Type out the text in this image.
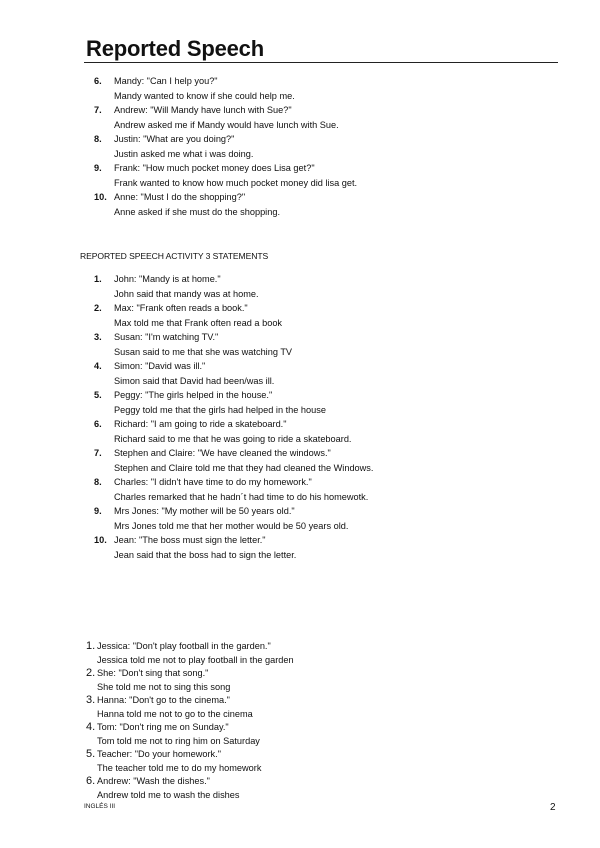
Reported Speech
6.	Mandy: "Can I help you?"
Mandy wanted to know if she could help me.
7.	Andrew: "Will Mandy have lunch with Sue?"
Andrew asked me if Mandy would have lunch with Sue.
8.	Justin: "What are you doing?"
Justin asked me what i was doing.
9.	Frank: "How much pocket money does Lisa get?"
Frank wanted to know how much pocket money did lisa get.
10. Anne: "Must I do the shopping?"
Anne asked if she must do the shopping.
REPORTED SPEECH ACTIVITY 3 STATEMENTS
1.	John: "Mandy is at home."
John said that mandy was at home.
2.	Max: "Frank often reads a book."
Max told me that Frank often read a book
3.	Susan: "I'm watching TV."
Susan said to me that she was watching TV
4.	Simon: "David was ill."
Simon said that David had been/was ill.
5.	Peggy: "The girls helped in the house."
Peggy told me that the girls had helped in the house
6.	Richard: "I am going to ride a skateboard."
Richard said to me that he was going to ride a skateboard.
7.	Stephen and Claire: "We have cleaned the windows."
Stephen and Claire told me that they had cleaned the Windows.
8.	Charles: "I didn't have time to do my homework."
Charles remarked that he hadn´t had time to do his homewotk.
9.	Mrs Jones: "My mother will be 50 years old."
Mrs Jones told me that her mother would be 50 years old.
10. Jean: "The boss must sign the letter."
Jean said that the boss had to sign the letter.
1. Jessica: "Don't play football in the garden."
Jessica told me not to play football in the garden
2. She: "Don't sing that song."
She told me not to sing this song
3. Hanna: "Don't go to the cinema."
Hanna told me not to go to the cinema
4. Tom: "Don't ring me on Sunday."
Tom told me not to ring him on Saturday
5. Teacher: "Do your homework."
The teacher told me to do my homework
6. Andrew: "Wash the dishes."
Andrew told me to wash the dishes
INGLÉS III	2
